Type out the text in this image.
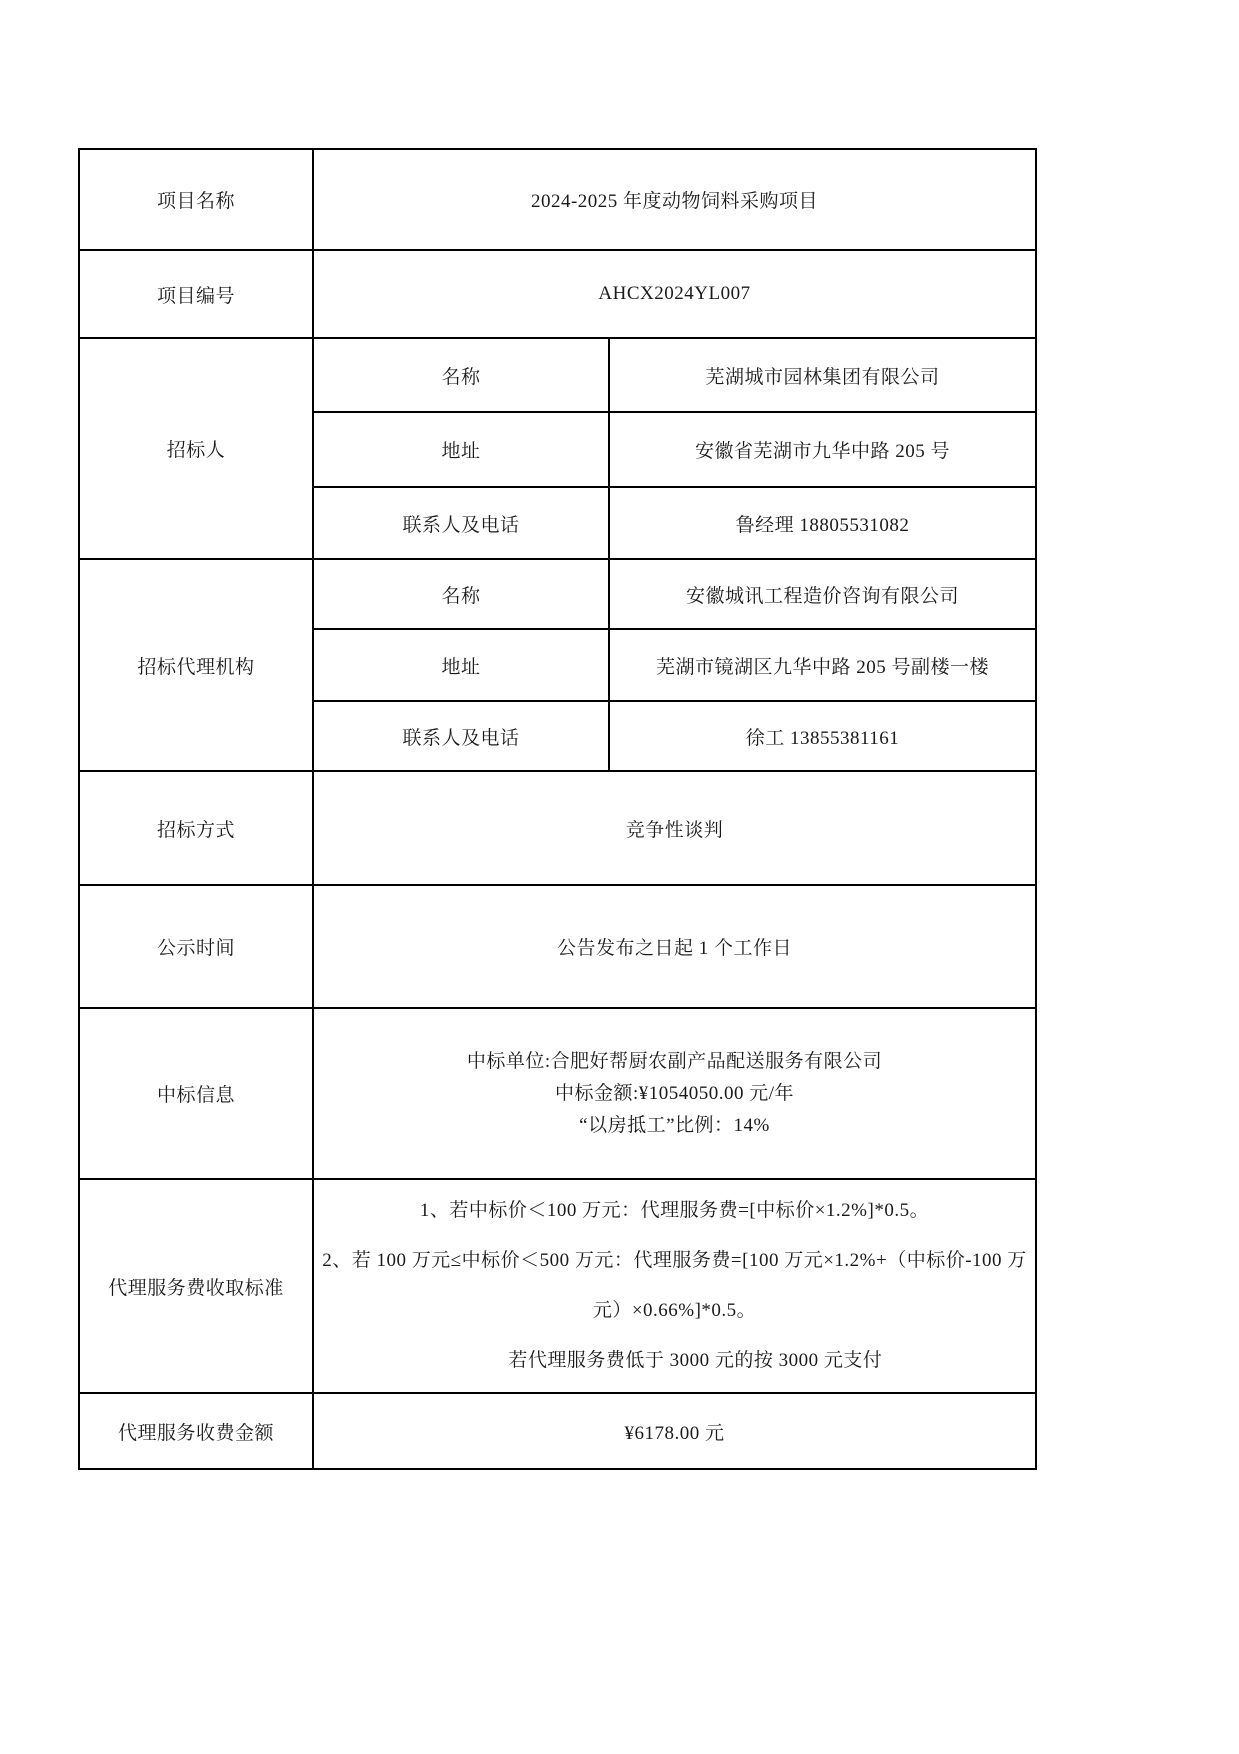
项目名称	2024-2025 年度动物饲料采购项目	
项目编号	AHCX2024YL007	
招标人	名称	芜湖城市园林集团有限公司
	地址	安徽省芜湖市九华中路 205 号
	联系人及电话	鲁经理 18805531082
招标代理机构	名称	安徽城讯工程造价咨询有限公司
	地址	芜湖市镜湖区九华中路 205 号副楼一楼
	联系人及电话	徐工 13855381161
招标方式	竞争性谈判	
公示时间	公告发布之日起 1 个工作日	
中标信息	中标单位:合肥好帮厨农副产品配送服务有限公司
中标金额:¥1054050.00 元/年
“以房抵工”比例：14%	

代理服务费收取标准	1、若中标价＜100 万元：代理服务费=[中标价×1.2%]*0.5。
2、若 100 万元≤中标价＜500 万元：代理服务费=[100 万元×1.2%+（中标价-100 万元）×0.66%]*0.5。
若代理服务费低于 3000 元的按 3000 元支付	

代理服务收费金额	¥6178.00 元	
